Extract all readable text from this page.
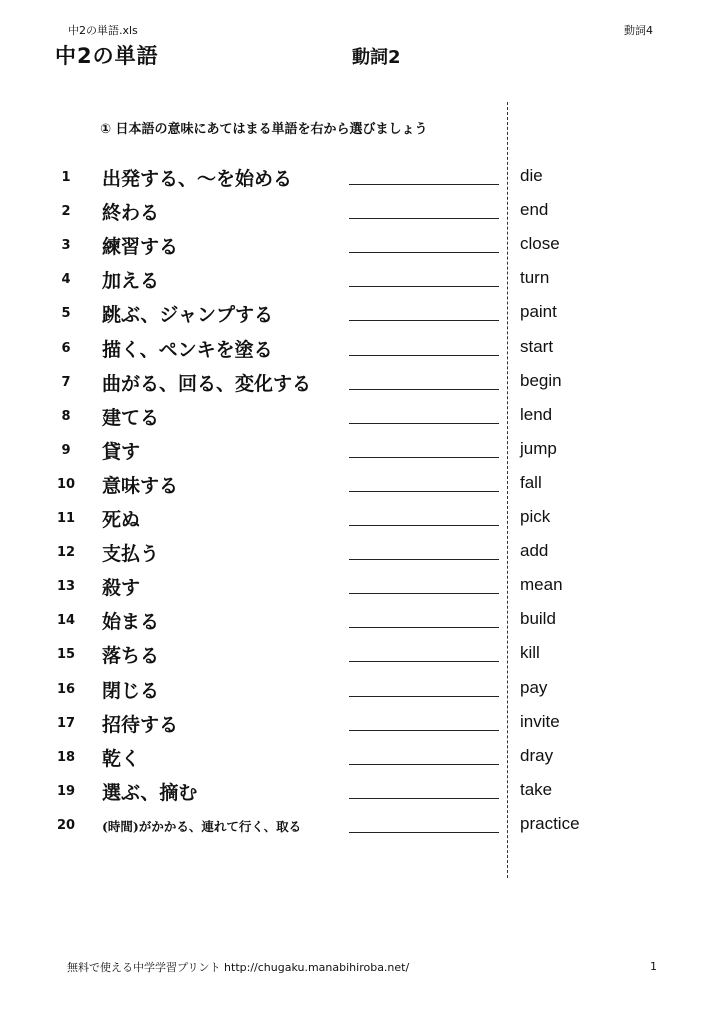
中2の単語.xls	動詞4
中2の単語	動詞2
① 日本語の意味にあてはまる単語を右から選びましょう
1	出発する、〜を始める	die
2	終わる	end
3	練習する	close
4	加える	turn
5	跳ぶ、ジャンプする	paint
6	描く、ペンキを塗る	start
7	曲がる、回る、変化する	begin
8	建てる	lend
9	貸す	jump
10 意味する	fall
11 死ぬ	pick
12 支払う	add
13 殺す	mean
14 始まる	build
15 落ちる	kill
16 閉じる	pay
17 招待する	invite
18 乾く	dray
19 選ぶ、摘む	take
20	(時間)がかかる、連れて行く、取る	practice
無料で使える中学学習プリント http://chugaku.manabihiroba.net/	1
